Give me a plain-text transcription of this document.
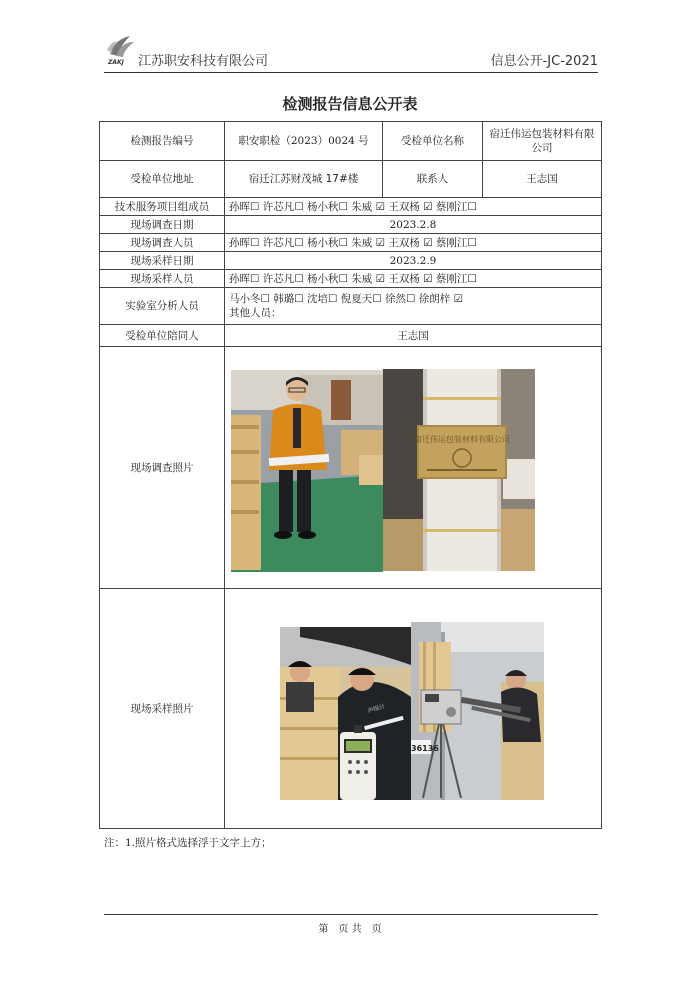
ZAKJ 江苏职安科技有限公司	信息公开-JC-2021
检测报告信息公开表
检测报告编号	职安职检（2023）0024 号	受检单位名称	宿迁伟运包装材料有限公司
受检单位地址	宿迁江苏财茂城 17#楼	联系人	王志国
技术服务项目组成员	孙晖☐ 许芯凡☐ 杨小秋☐ 朱威 ☑ 王双杨 ☑ 蔡刚江☐		
现场调查日期	2023.2.8		
现场调查人员	孙晖☐ 许芯凡☐ 杨小秋☐ 朱威 ☑ 王双杨 ☑ 蔡刚江☐		
现场采样日期	2023.2.9		
现场采样人员	孙晖☐ 许芯凡☐ 杨小秋☐ 朱威 ☑ 王双杨 ☑ 蔡刚江☐		
实验室分析人员	马小冬☐ 韩璐☐ 沈培☐ 倪夏天☐ 徐然☐ 徐朗梓 ☑
其他人员：		

受检单位陪同人	王志国		
现场调查照片			
现场采样照片			
宿迁伟运包装材料有限公司
声级计
36136
注：1.照片格式选择浮于文字上方；
第　页 共　页
